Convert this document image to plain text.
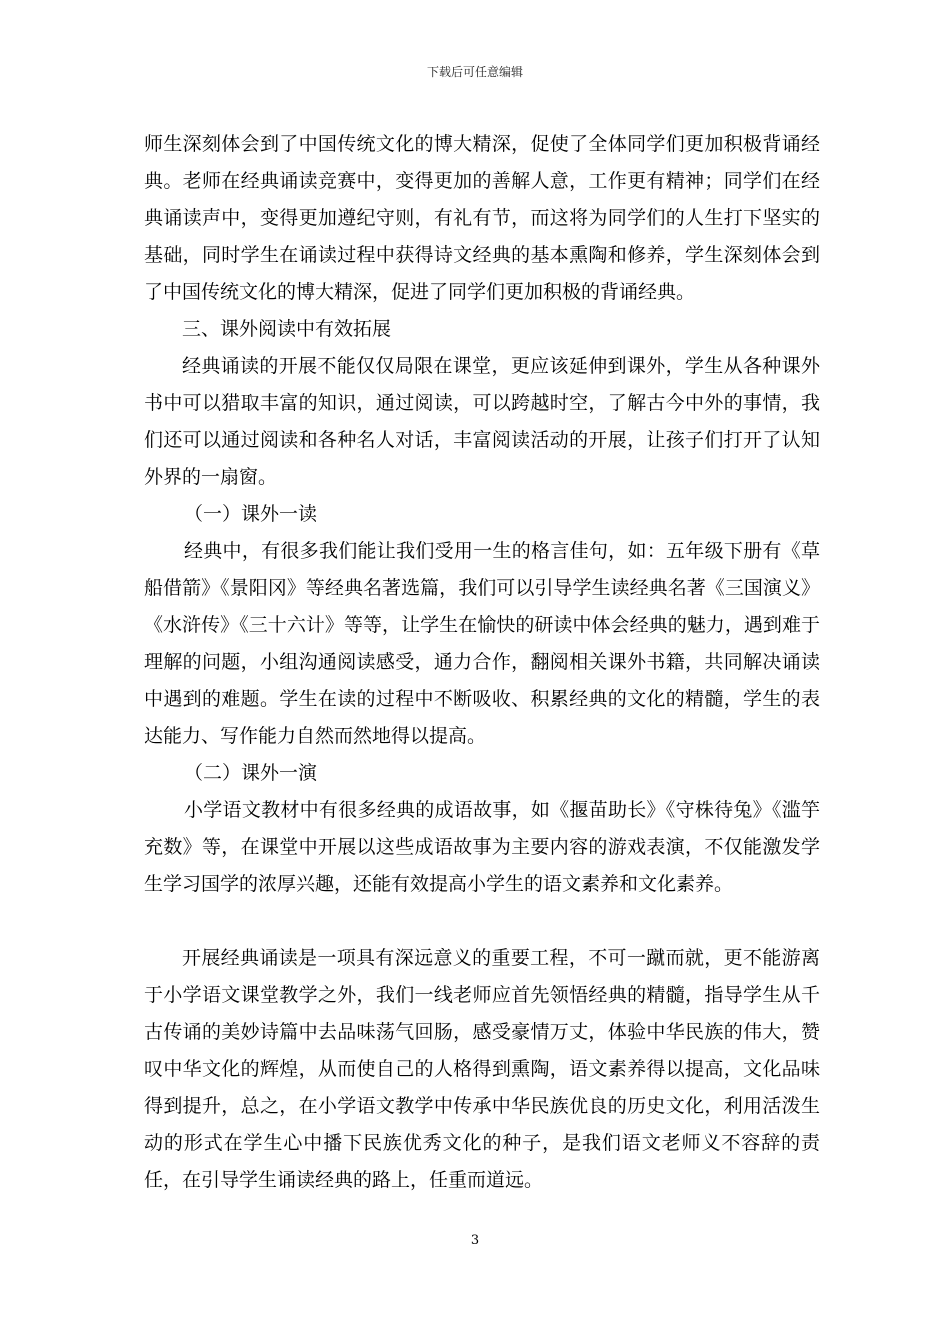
下载后可任意编辑

师生深刻体会到了中国传统文化的博大精深，促使了全体同学们更加积极背诵经典。老师在经典诵读竞赛中，变得更加的善解人意，工作更有精神；同学们在经典诵读声中，变得更加遵纪守则，有礼有节，而这将为同学们的人生打下坚实的基础，同时学生在诵读过程中获得诗文经典的基本熏陶和修养，学生深刻体会到了中国传统文化的博大精深，促进了同学们更加积极的背诵经典。

三、课外阅读中有效拓展

经典诵读的开展不能仅仅局限在课堂，更应该延伸到课外，学生从各种课外书中可以猎取丰富的知识，通过阅读，可以跨越时空，了解古今中外的事情，我们还可以通过阅读和各种名人对话，丰富阅读活动的开展，让孩子们打开了认知外界的一扇窗。

（一）课外一读

经典中，有很多我们能让我们受用一生的格言佳句，如：五年级下册有《草船借箭》《景阳冈》等经典名著选篇，我们可以引导学生读经典名著《三国演义》《水浒传》《三十六计》等等，让学生在愉快的研读中体会经典的魅力，遇到难于理解的问题，小组沟通阅读感受，通力合作，翻阅相关课外书籍，共同解决诵读中遇到的难题。学生在读的过程中不断吸收、积累经典的文化的精髓，学生的表达能力、写作能力自然而然地得以提高。

（二）课外一演

小学语文教材中有很多经典的成语故事，如《揠苗助长》《守株待兔》《滥竽充数》等，在课堂中开展以这些成语故事为主要内容的游戏表演，不仅能激发学生学习国学的浓厚兴趣，还能有效提高小学生的语文素养和文化素养。

开展经典诵读是一项具有深远意义的重要工程，不可一蹴而就，更不能游离于小学语文课堂教学之外，我们一线老师应首先领悟经典的精髓，指导学生从千古传诵的美妙诗篇中去品味荡气回肠，感受豪情万丈，体验中华民族的伟大，赞叹中华文化的辉煌，从而使自己的人格得到熏陶，语文素养得以提高，文化品味得到提升，总之，在小学语文教学中传承中华民族优良的历史文化，利用活泼生动的形式在学生心中播下民族优秀文化的种子，是我们语文老师义不容辞的责任，在引导学生诵读经典的路上，任重而道远。

3
